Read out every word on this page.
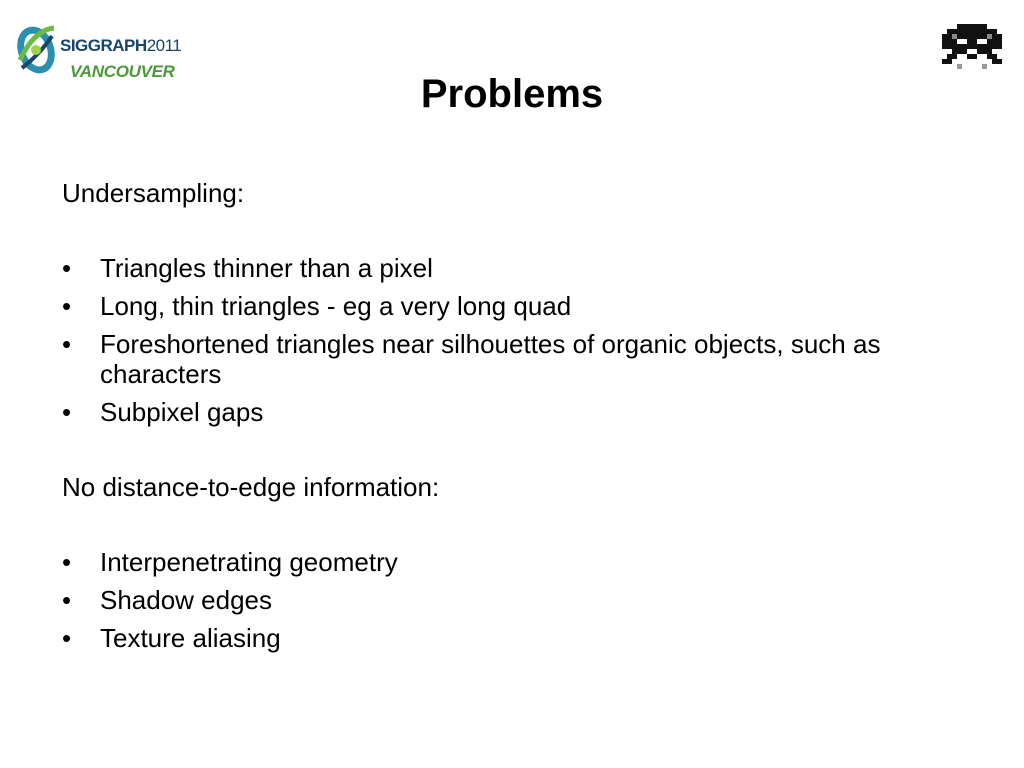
SIGGRAPH2011
VANCOUVER
Problems

Undersampling:

• Triangles thinner than a pixel
• Long, thin triangles - eg a very long quad
• Foreshortened triangles near silhouettes of organic objects, such as characters
• Subpixel gaps

No distance-to-edge information:

• Interpenetrating geometry
• Shadow edges
• Texture aliasing
